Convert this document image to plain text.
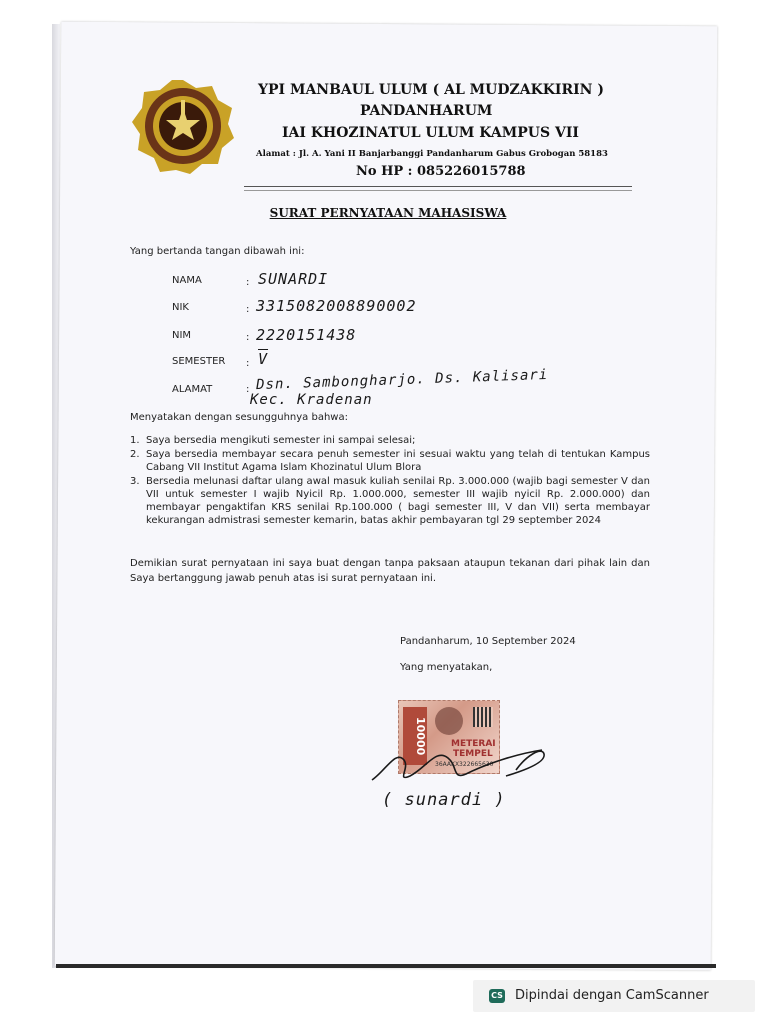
YPI MANBAUL ULUM ( AL MUDZAKKIRIN )
PANDANHARUM
IAI KHOZINATUL ULUM KAMPUS VII
Alamat : Jl. A. Yani II Banjarbanggi Pandanharum Gabus Grobogan 58183
No HP : 085226015788
SURAT PERNYATAAN MAHASISWA
Yang bertanda tangan dibawah ini:
NAMA	: SUNARDI
NIK	: 3315082008890002
NIM	: 2220151438
SEMESTER : $\overline{V}$
ALAMAT	: Dsn. Sambongharjo. Ds. Kalisari
Kec. Kradenan
Menyatakan dengan sesungguhnya bahwa:
1. Saya bersedia mengikuti semester ini sampai selesai;
2. Saya bersedia membayar secara penuh semester ini sesuai waktu yang telah di tentukan Kampus Cabang VII Institut Agama Islam Khozinatul Ulum Blora
3. Bersedia melunasi daftar ulang awal masuk kuliah senilai Rp. 3.000.000 (wajib bagi semester V dan VII untuk semester I wajib Nyicil Rp. 1.000.000, semester III wajib nyicil Rp. 2.000.000) dan membayar pengaktifan KRS senilai Rp.100.000 ( bagi semester III, V dan VII) serta membayar kekurangan admistrasi semester kemarin, batas akhir pembayaran tgl 29 september 2024
Demikian surat pernyataan ini saya buat dengan tanpa paksaan ataupun tekanan dari pihak lain dan Saya bertanggung jawab penuh atas isi surat pernyataan ini.
Pandanharum, 10 September 2024
Yang menyatakan,
10000	METERAI
TEMPEL
36AAKX322665630
( sunardi )
CS Dipindai dengan CamScanner
